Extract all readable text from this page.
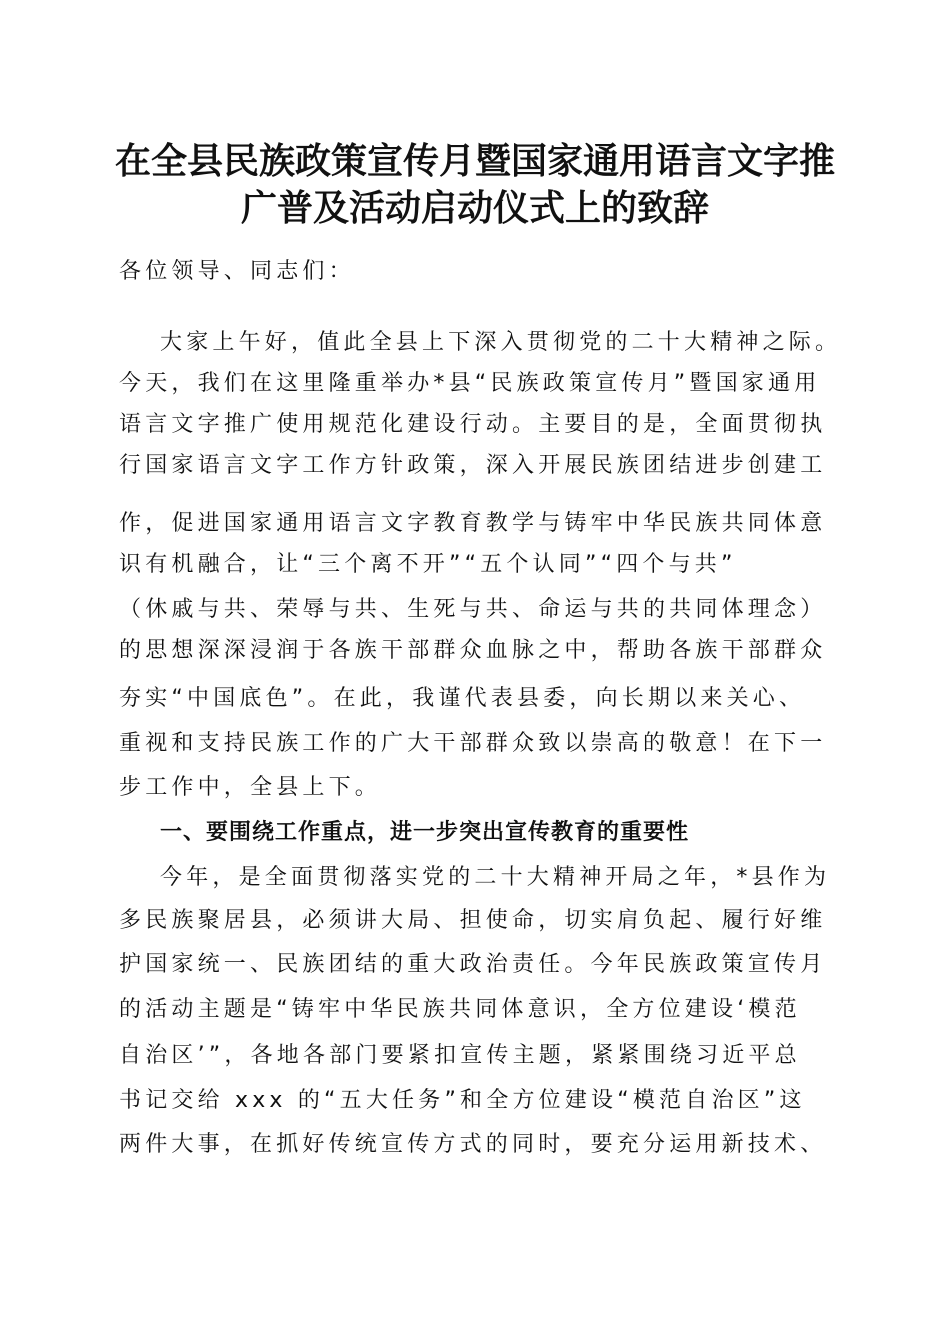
在全县民族政策宣传月暨国家通用语言文字推
广普及活动启动仪式上的致辞

各位领导、同志们：

大家上午好，值此全县上下深入贯彻党的二十大精神之际。

今天，我们在这里隆重举办*县“民族政策宣传月”暨国家通用

语言文字推广使用规范化建设行动。主要目的是，全面贯彻执

行国家语言文字工作方针政策，深入开展民族团结进步创建工

作，促进国家通用语言文字教育教学与铸牢中华民族共同体意

识有机融合，让“三个离不开”“五个认同”“四个与共”

（休戚与共、荣辱与共、生死与共、命运与共的共同体理念）

的思想深深浸润于各族干部群众血脉之中，帮助各族干部群众

夯实“中国底色”。在此，我谨代表县委，向长期以来关心、

重视和支持民族工作的广大干部群众致以崇高的敬意！在下一

步工作中，全县上下。

一、要围绕工作重点，进一步突出宣传教育的重要性

今年，是全面贯彻落实党的二十大精神开局之年，*县作为

多民族聚居县，必须讲大局、担使命，切实肩负起、履行好维

护国家统一、民族团结的重大政治责任。今年民族政策宣传月

的活动主题是“铸牢中华民族共同体意识，全方位建设‘模范

自治区’”，各地各部门要紧扣宣传主题，紧紧围绕习近平总

书记交给 xxx 的“五大任务”和全方位建设“模范自治区”这

两件大事，在抓好传统宣传方式的同时，要充分运用新技术、
